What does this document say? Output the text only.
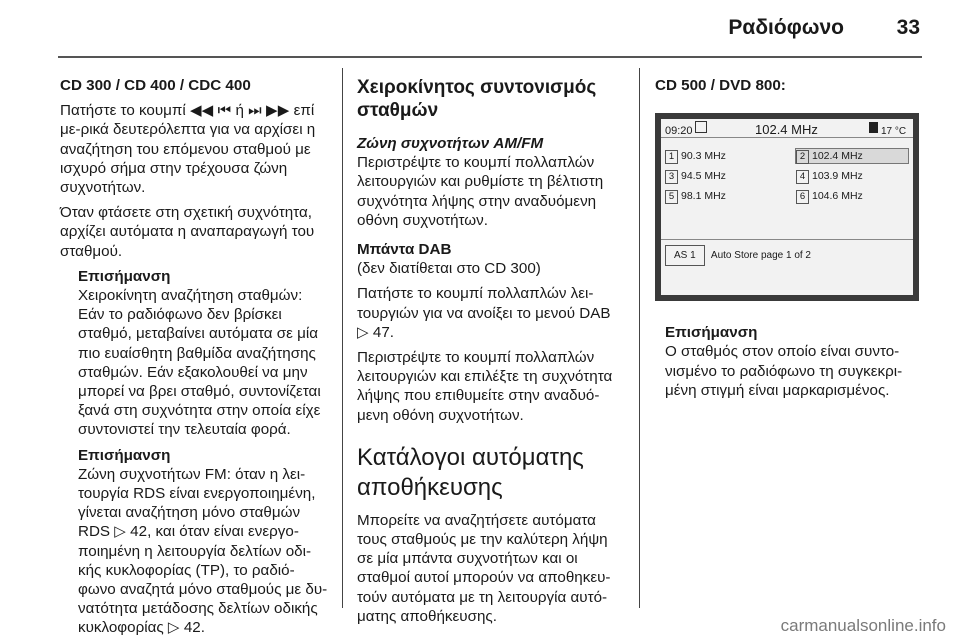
Ραδιόφωνο	33

CD 300 / CD 400 / CDC 400

Πατήστε το κουμπί ◀◀ ⏮ ή ⏭ ▶▶ επί με-ρικά δευτερόλεπτα για να αρχίσει η αναζήτηση του επόμενου σταθμού με ισχυρό σήμα στην τρέχουσα ζώνη συχνοτήτων.

Όταν φτάσετε στη σχετική συχνότητα, αρχίζει αυτόματα η αναπαραγωγή του σταθμού.

Επισήμανση

Χειροκίνητη αναζήτηση σταθμών: Εάν το ραδιόφωνο δεν βρίσκει σταθμό, μεταβαίνει αυτόματα σε μία πιο ευαίσθητη βαθμίδα αναζήτησης σταθμών. Εάν εξακολουθεί να μην μπορεί να βρει σταθμό, συντονίζεται ξανά στη συχνότητα στην οποία είχε συντονιστεί την τελευταία φορά.

Επισήμανση

Ζώνη συχνοτήτων FM: όταν η λει-τουργία RDS είναι ενεργοποιημένη, γίνεται αναζήτηση μόνο σταθμών RDS ▷ 42, και όταν είναι ενεργο-ποιημένη η λειτουργία δελτίων οδι-κής κυκλοφορίας (TP), το ραδιό-φωνο αναζητά μόνο σταθμούς με δυ-νατότητα μετάδοσης δελτίων οδικής κυκλοφορίας ▷ 42.

Χειροκίνητος συντονισμός σταθμών

Ζώνη συχνοτήτων AM/FM

Περιστρέψτε το κουμπί πολλαπλών λειτουργιών και ρυθμίστε τη βέλτιστη συχνότητα λήψης στην αναδυόμενη οθόνη συχνοτήτων.

Μπάντα DAB

(δεν διατίθεται στο CD 300)

Πατήστε το κουμπί πολλαπλών λει-τουργιών για να ανοίξει το μενού DAB ▷ 47.

Περιστρέψτε το κουμπί πολλαπλών λειτουργιών και επιλέξτε τη συχνότητα λήψης που επιθυμείτε στην αναδυό-μενη οθόνη συχνοτήτων.

Κατάλογοι αυτόματης αποθήκευσης

Μπορείτε να αναζητήσετε αυτόματα τους σταθμούς με την καλύτερη λήψη σε μία μπάντα συχνοτήτων και οι σταθμοί αυτοί μπορούν να αποθηκευ-τούν αυτόματα με τη λειτουργία αυτό-ματης αποθήκευσης.

CD 500 / DVD 800:

09:20	102.4 MHz	17 °C
1 90.3 MHz	2 102.4 MHz
3 94.5 MHz	4 103.9 MHz
5 98.1 MHz	6 104.6 MHz
AS 1 Auto Store page 1 of 2

Επισήμανση

Ο σταθμός στον οποίο είναι συντο-νισμένο το ραδιόφωνο τη συγκεκρι-μένη στιγμή είναι μαρκαρισμένος.

carmanualsonline.info
